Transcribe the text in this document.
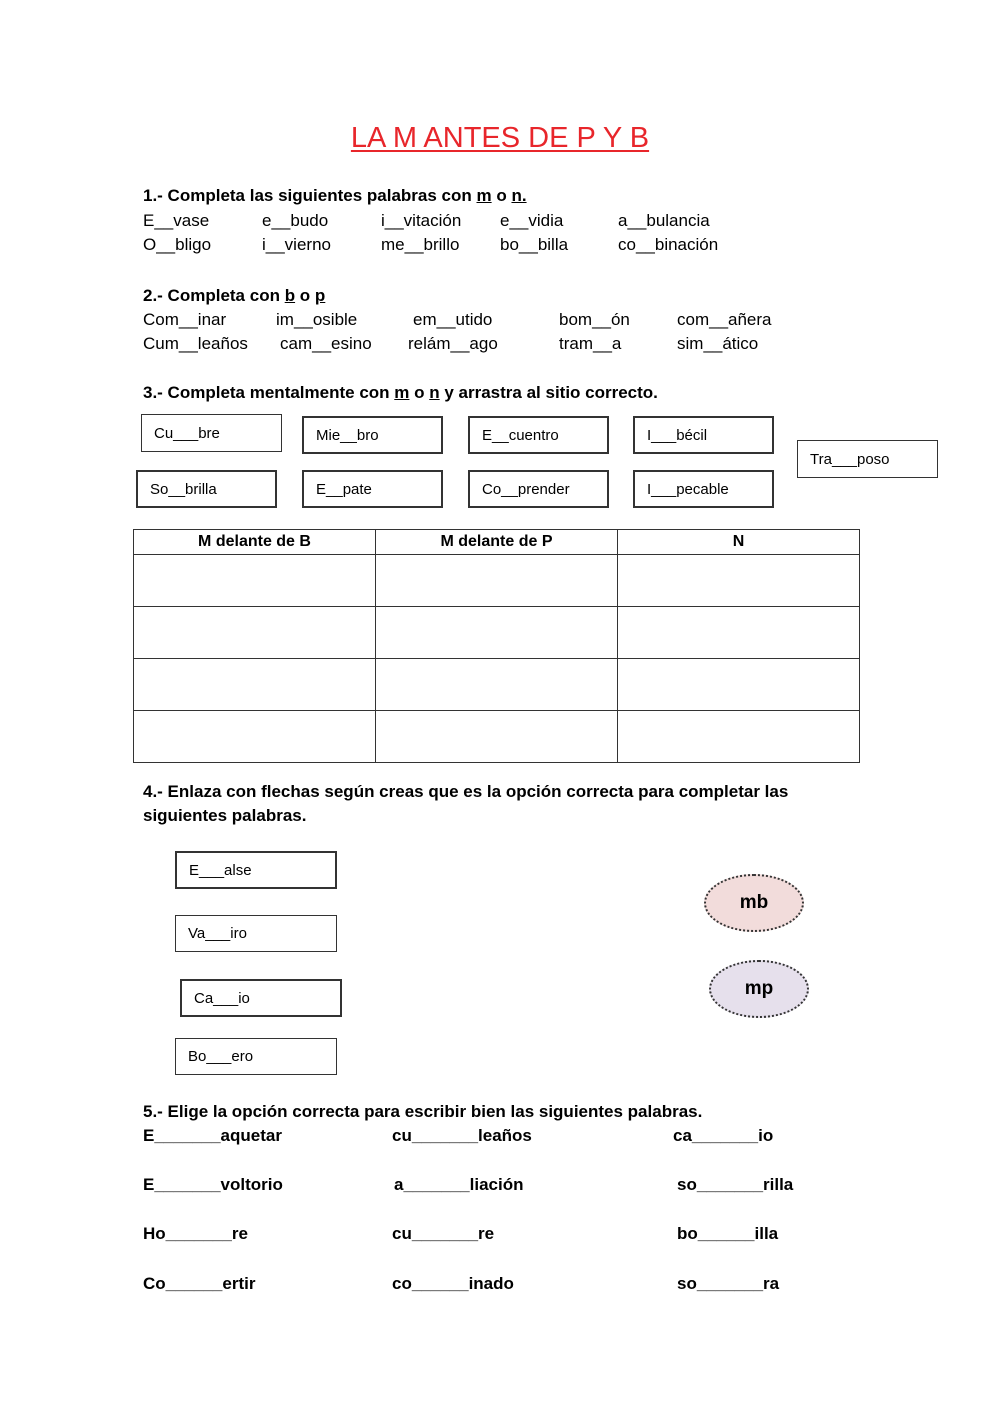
LA M ANTES DE P Y B
1.- Completa las siguientes palabras con m o n.
E__vase	e__budo	i__vitación e__vidia	a__bulancia
O__bligo	i__vierno	me__brillo bo__billa	co__binación
2.- Completa con b o p
Com__inar	im__osible	em__utido	bom__ón	com__añera
Cum__leaños cam__esino relám__ago	tram__a	sim__ático
3.- Completa mentalmente con m o n y arrastra al sitio correcto.
Cu___bre	Mie__bro	E__cuentro	I___bécil
Tra___poso
So__brilla	E__pate	Co__prender	I___pecable
M delante de B	M delante de P	N

4.- Enlaza con flechas según creas que es la opción correcta para completar las
siguientes palabras.
E___alse
Va___iro
Ca___io
Bo___ero
mb
mp
5.- Elige la opción correcta para escribir bien las siguientes palabras.
E_______aquetar	cu_______leaños	ca_______io
E_______voltorio	a_______liación	so_______rilla
Ho_______re	cu_______re	bo______illa
Co______ertir	co______inado	so_______ra
